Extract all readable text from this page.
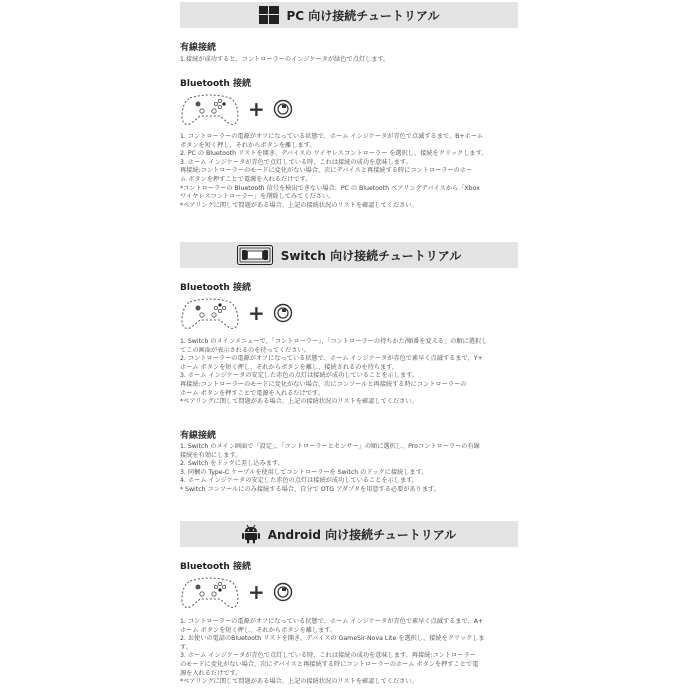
PC 向け接続チュートリアル
有線接続
1.接続が成功すると、コントローラーのインジケータが緑色で点灯します。
Bluetooth 接続
+
1. コントローラーの電源がオフになっている状態で、ホーム インジケータが青色で点滅するまで、B+ホーム
ボタンを短く押し、それからボタンを離します。
2. PC の Bluetooth リストを開き、デバイスの ワイヤレスコントローラー を選択し、接続をクリックします。
3. ホーム インジケータが青色で点灯している時、これは接続の成功を意味します。
再接続:コントローラーのモードに変化がない場合、次にデバイスと再接続する時にコントローラーのホー
ム ボタンを押すことで電源を入れるだけです。
*コントローラーの Bluetooth 信号を検出できない場合、PC の Bluetooth ペアリングデバイスから「Xbox
ワイヤレスコントローラー」を削除してみてください。
*ペアリングに関して問題がある場合、上記の接続状況のリストを確認してください。
Switch 向け接続チュートリアル
Bluetooth 接続
+
1. Switch のメインメニューで、「コントローラー」、「コントローラーの持ちかた/順番を変える」の順に選択し
てこの画面が表示されるのを待ってください。
2. コントローラーの電源がオフになっている状態で、ホーム インジケータが赤色で素早く点滅するまで、Y+
ホーム ボタンを短く押し、それからボタンを離し、接続されるのを待ちます。
3. ホーム インジケータの安定した赤色の点灯は接続が成功していることを示します。
再接続:コントローラーのモードに変化がない場合、次にコンソールと再接続する時にコントローラーの
ホーム ボタンを押すことで電源を入れるだけです。
*ペアリングに関して問題がある場合、上記の接続状況のリストを確認してください。
有線接続
1. Switch のメイン画面で「設定」、「コントローラーとセンサー」の順に選択し、Proコントローラーの有線
接続を有効にします。
2. Switch をドックに差し込みます。
3. 同梱の Type-C ケーブルを使用してコントローラーを Switch のドックに接続します。
4. ホーム インジケータの安定した赤色の点灯は接続が成功していることを示します。
* Switch コンソールにのみ接続する場合、自分で OTG アダプタを用意する必要があります。
Android 向け接続チュートリアル
Bluetooth 接続
+
1. コントローラーの電源がオフになっている状態で、ホーム インジケータが青色で素早く点滅するまで、A+
ホーム ボタンを短く押し、それからボタンを離します。
2. お使いの電話のBluetooth リストを開き、デバイスの GameSir-Nova Lite を選択し、接続をクリックしま
す。
3. ホーム インジケータが青色で点灯している時、これは接続の成功を意味します。再接続:コントローラー
のモードに変化がない場合、次にデバイスと再接続する時にコントローラーのホーム ボタンを押すことで電
源を入れるだけです。
*ペアリングに関して問題がある場合、上記の接続状況のリストを確認してください。
